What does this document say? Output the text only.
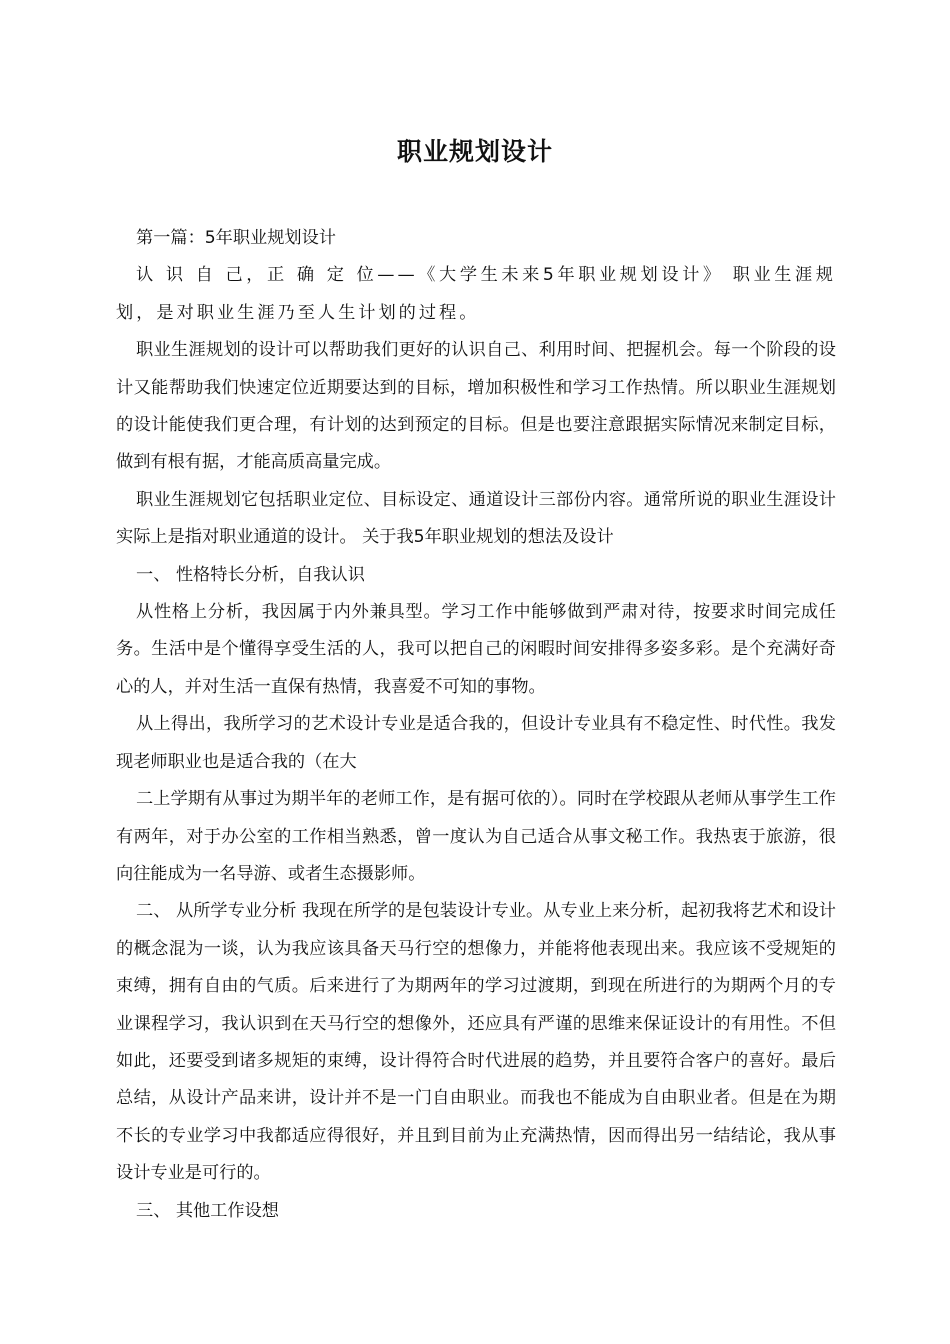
职业规划设计

第一篇：5年职业规划设计

认 识 自 己，正 确 定 位——《大学生未来5年职业规划设计》 职业生涯规划，是对职业生涯乃至人生计划的过程。

职业生涯规划的设计可以帮助我们更好的认识自己、利用时间、把握机会。每一个阶段的设计又能帮助我们快速定位近期要达到的目标，增加积极性和学习工作热情。所以职业生涯规划的设计能使我们更合理，有计划的达到预定的目标。但是也要注意跟据实际情况来制定目标，做到有根有据，才能高质高量完成。

职业生涯规划它包括职业定位、目标设定、通道设计三部份内容。通常所说的职业生涯设计实际上是指对职业通道的设计。 关于我5年职业规划的想法及设计

一、 性格特长分析，自我认识

从性格上分析，我因属于内外兼具型。学习工作中能够做到严肃对待，按要求时间完成任务。生活中是个懂得享受生活的人，我可以把自己的闲暇时间安排得多姿多彩。是个充满好奇心的人，并对生活一直保有热情，我喜爱不可知的事物。

从上得出，我所学习的艺术设计专业是适合我的，但设计专业具有不稳定性、时代性。我发现老师职业也是适合我的（在大

二上学期有从事过为期半年的老师工作，是有据可依的）。同时在学校跟从老师从事学生工作有两年，对于办公室的工作相当熟悉，曾一度认为自己适合从事文秘工作。我热衷于旅游，很向往能成为一名导游、或者生态摄影师。

二、 从所学专业分析 我现在所学的是包装设计专业。从专业上来分析，起初我将艺术和设计的概念混为一谈，认为我应该具备天马行空的想像力，并能将他表现出来。我应该不受规矩的束缚，拥有自由的气质。后来进行了为期两年的学习过渡期，到现在所进行的为期两个月的专业课程学习，我认识到在天马行空的想像外，还应具有严谨的思维来保证设计的有用性。不但如此，还要受到诸多规矩的束缚，设计得符合时代进展的趋势，并且要符合客户的喜好。最后总结，从设计产品来讲，设计并不是一门自由职业。而我也不能成为自由职业者。但是在为期不长的专业学习中我都适应得很好，并且到目前为止充满热情，因而得出另一结结论，我从事设计专业是可行的。

三、 其他工作设想
